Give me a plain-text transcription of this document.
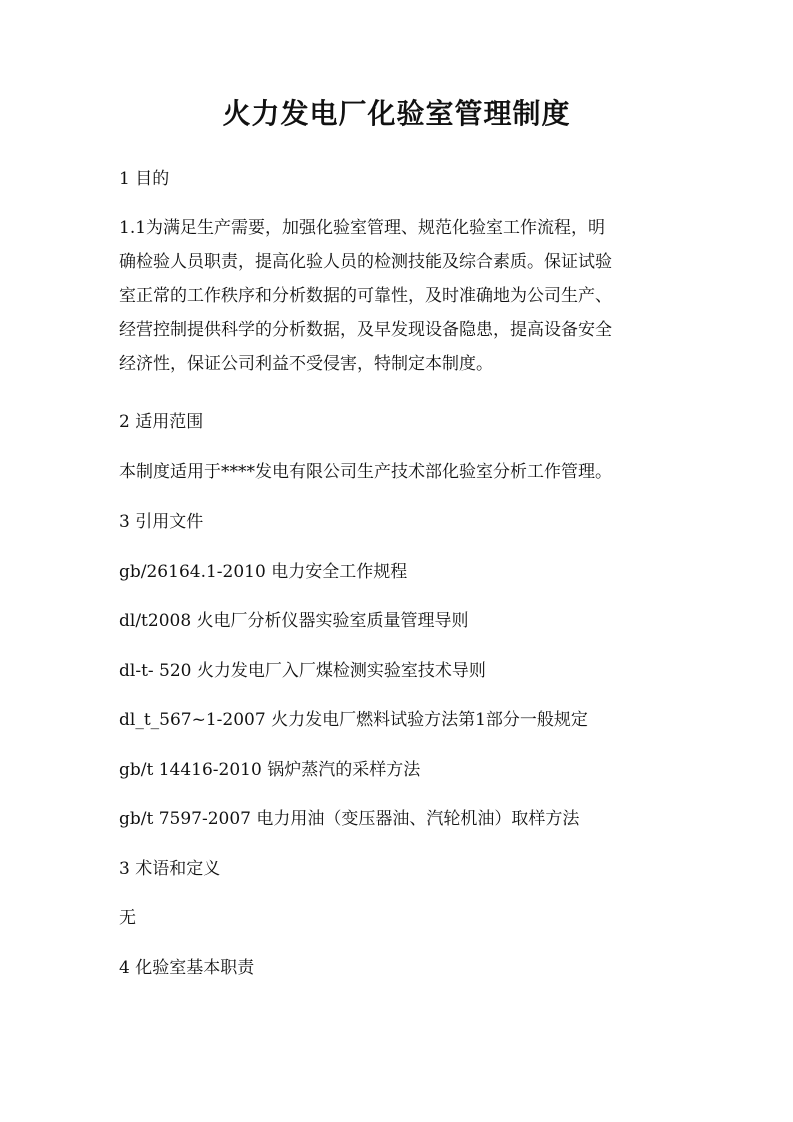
火力发电厂化验室管理制度
1 目的
1.1为满足生产需要，加强化验室管理、规范化验室工作流程，明
确检验人员职责，提高化验人员的检测技能及综合素质。保证试验
室正常的工作秩序和分析数据的可靠性，及时准确地为公司生产、
经营控制提供科学的分析数据，及早发现设备隐患，提高设备安全
经济性，保证公司利益不受侵害，特制定本制度。
2 适用范围
本制度适用于****发电有限公司生产技术部化验室分析工作管理。
3 引用文件
gb/26164.1-2010 电力安全工作规程
dl/t2008 火电厂分析仪器实验室质量管理导则
dl-t- 520 火力发电厂入厂煤检测实验室技术导则
dl_t_567~1-2007 火力发电厂燃料试验方法第1部分一般规定
gb/t 14416-2010 锅炉蒸汽的采样方法
gb/t 7597-2007 电力用油（变压器油、汽轮机油）取样方法
3 术语和定义
无
4 化验室基本职责
